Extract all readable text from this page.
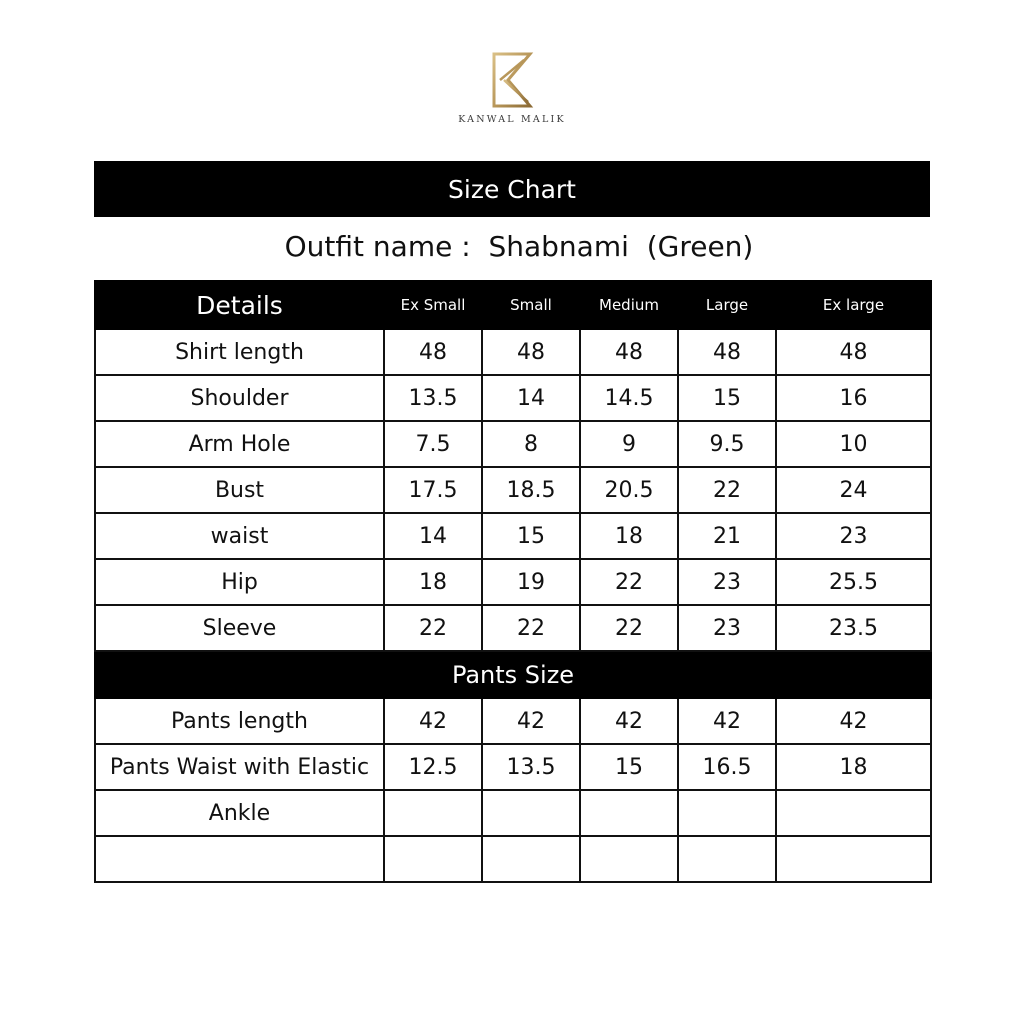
KANWAL MALIK
Size Chart
Outfit name : Shabnami  (Green)
Details	Ex Small	Small	Medium	Large	Ex large
Shirt length	48	48	48	48	48
Shoulder	13.5	14	14.5	15	16
Arm Hole	7.5	8	9	9.5	10
Bust	17.5	18.5	20.5	22	24
waist	14	15	18	21	23
Hip	18	19	22	23	25.5
Sleeve	22	22	22	23	23.5
Pants Size					
Pants length	42	42	42	42	42
Pants Waist with Elastic	12.5	13.5	15	16.5	18
Ankle					
